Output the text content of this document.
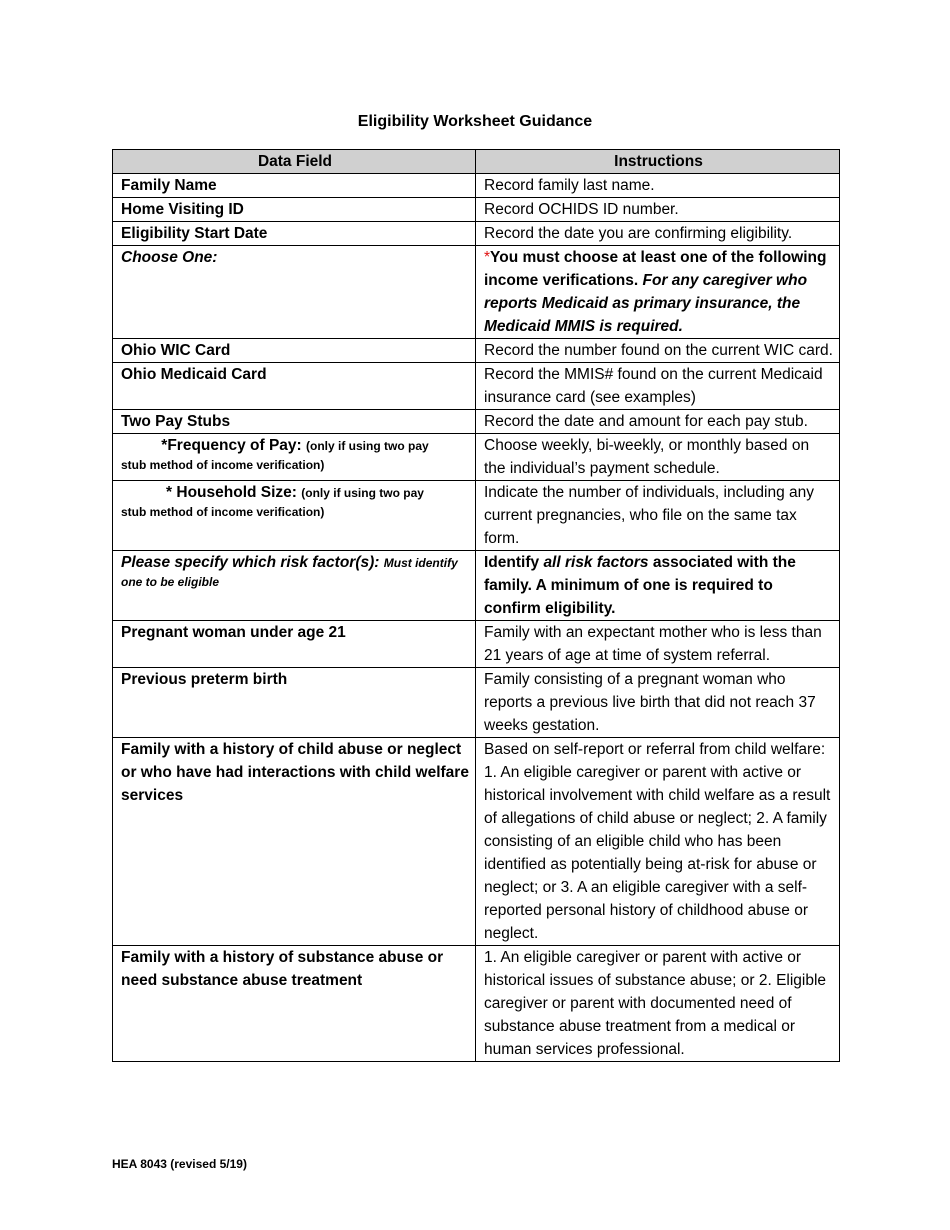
Eligibility Worksheet Guidance
Data Field	Instructions
Family Name	Record family last name.
Home Visiting ID	Record OCHIDS ID number.
Eligibility Start Date	Record the date you are confirming eligibility.
Choose One:	*You must choose at least one of the following income verifications. For any caregiver who reports Medicaid as primary insurance, the Medicaid MMIS is required.
Ohio WIC Card	Record the number found on the current WIC card.
Ohio Medicaid Card	Record the MMIS# found on the current Medicaid insurance card (see examples)
Two Pay Stubs	Record the date and amount for each pay stub.

*Frequency of Pay: (only if using two pay
stub method of income verification)	Choose weekly, bi-weekly, or monthly based on the individual’s payment schedule.

* Household Size: (only if using two pay
stub method of income verification)	Indicate the number of individuals, including any current pregnancies, who file on the same tax form.

Please specify which risk factor(s): Must identify
one to be eligible	Identify all risk factors associated with the family. A minimum of one is required to confirm eligibility.
Pregnant woman under age 21	Family with an expectant mother who is less than 21 years of age at time of system referral.
Previous preterm birth	Family consisting of a pregnant woman who reports a previous live birth that did not reach 37 weeks gestation.
Family with a history of child abuse or neglect or who have had interactions with child welfare services	Based on self-report or referral from child welfare: 1. An eligible caregiver or parent with active or historical involvement with child welfare as a result of allegations of child abuse or neglect; 2. A family consisting of an eligible child who has been identified as potentially being at-risk for abuse or neglect; or 3. A an eligible caregiver with a self-reported personal history of childhood abuse or neglect.
Family with a history of substance abuse or need substance abuse treatment	1. An eligible caregiver or parent with active or historical issues of substance abuse; or 2. Eligible caregiver or parent with documented need of substance abuse treatment from a medical or human services professional.
HEA 8043 (revised 5/19)
